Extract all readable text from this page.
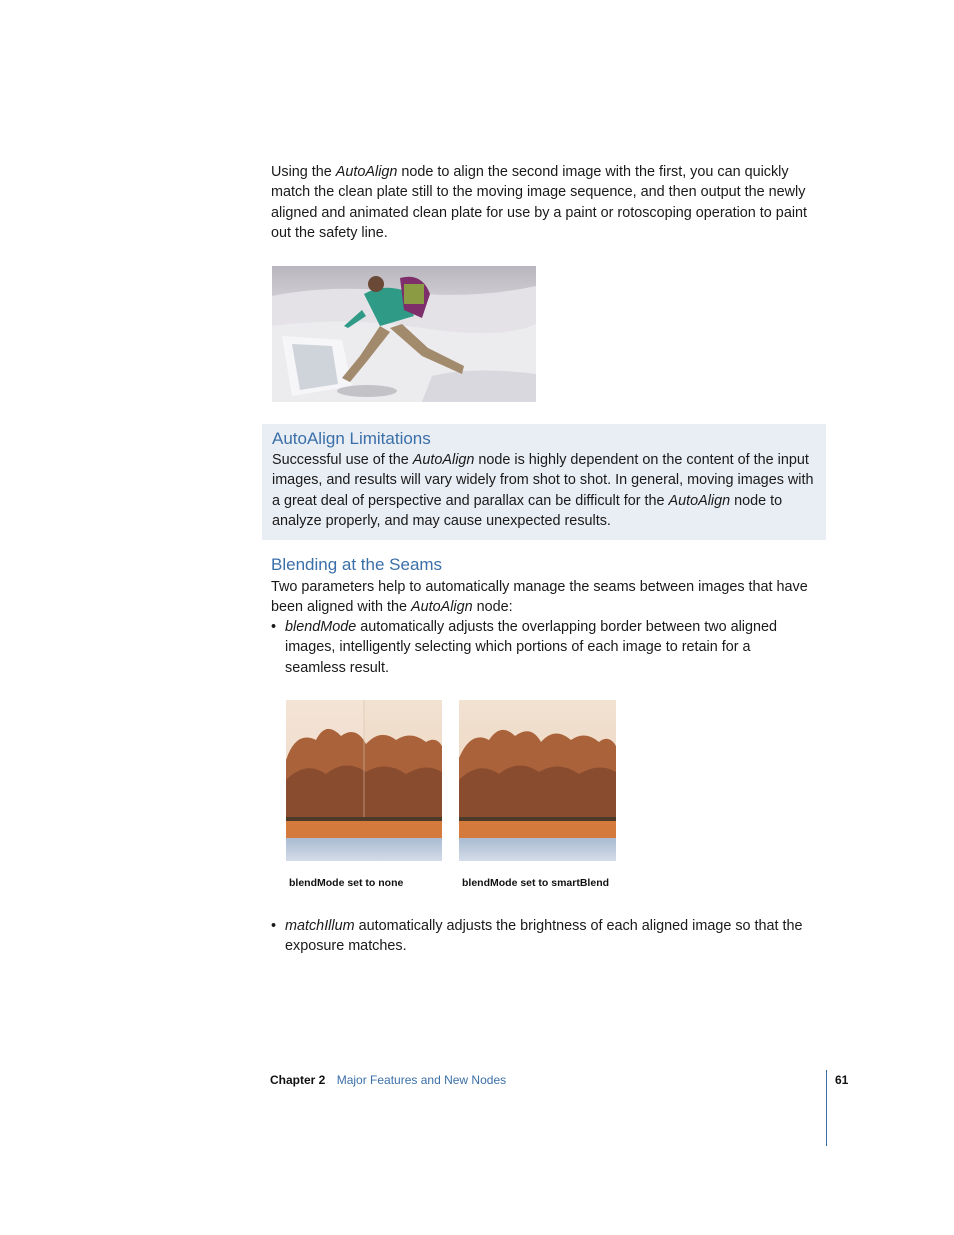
Using the AutoAlign node to align the second image with the first, you can quickly match the clean plate still to the moving image sequence, and then output the newly aligned and animated clean plate for use by a paint or rotoscoping operation to paint out the safety line.

AutoAlign Limitations

Successful use of the AutoAlign node is highly dependent on the content of the input images, and results will vary widely from shot to shot. In general, moving images with a great deal of perspective and parallax can be difficult for the AutoAlign node to analyze properly, and may cause unexpected results.

Blending at the Seams

Two parameters help to automatically manage the seams between images that have been aligned with the AutoAlign node:

• blendMode automatically adjusts the overlapping border between two aligned images, intelligently selecting which portions of each image to retain for a seamless result.
blendMode set to none	blendMode set to smartBlend
• matchIllum automatically adjusts the brightness of each aligned image so that the exposure matches.
Chapter 2 Major Features and New Nodes	61
